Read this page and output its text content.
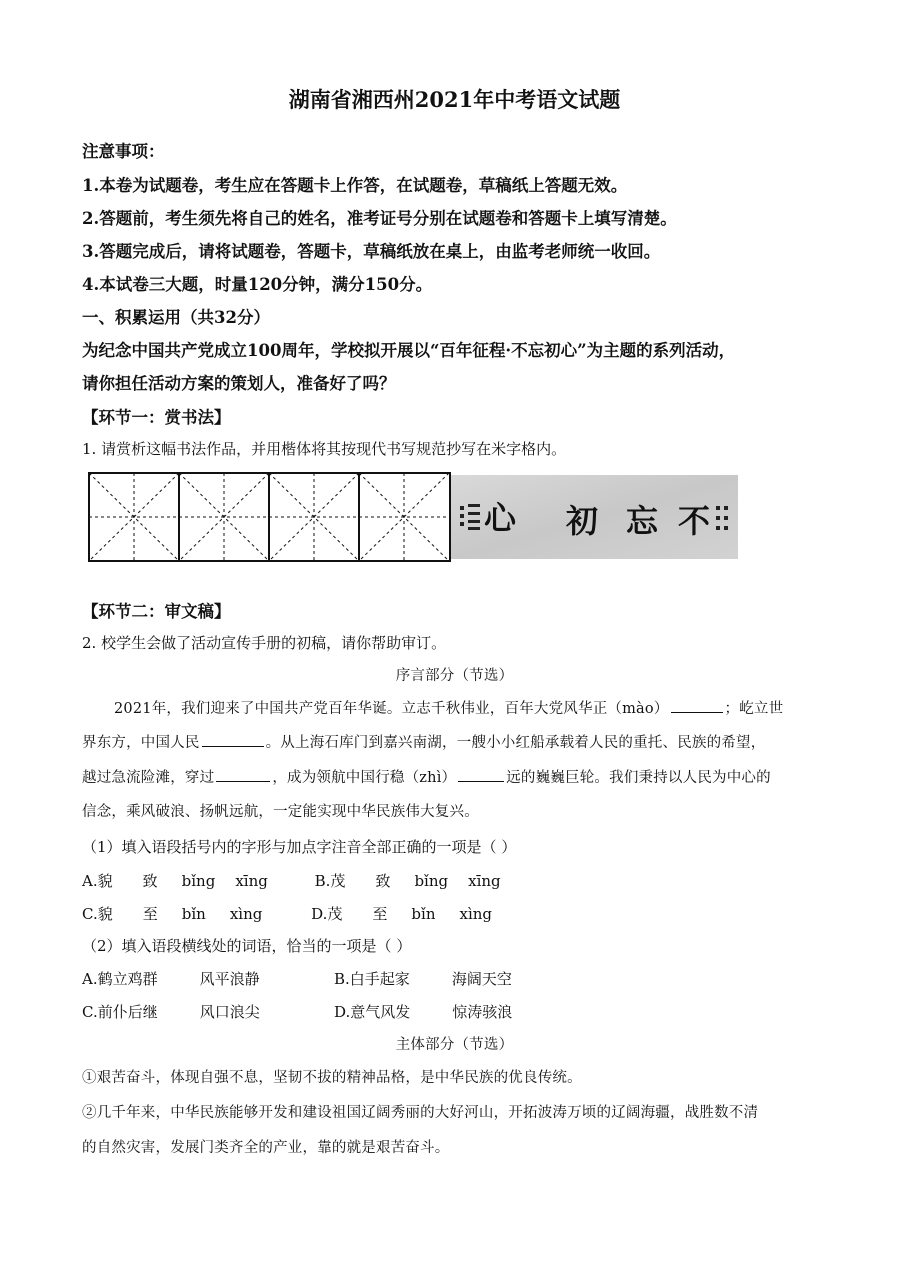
湖南省湘西州2021年中考语文试题
注意事项：
1.本卷为试题卷，考生应在答题卡上作答，在试题卷，草稿纸上答题无效。
2.答题前，考生须先将自己的姓名，准考证号分别在试题卷和答题卡上填写清楚。
3.答题完成后，请将试题卷，答题卡，草稿纸放在桌上，由监考老师统一收回。
4.本试卷三大题，时量120分钟，满分150分。
一、积累运用（共32分）
为纪念中国共产党成立100周年，学校拟开展以“百年征程·不忘初心”为主题的系列活动，
请你担任活动方案的策划人，准备好了吗？
【环节一：赏书法】
1. 请赏析这幅书法作品，并用楷体将其按现代书写规范抄写在米字格内。
心 初 忘 不
【环节二：审文稿】
2. 校学生会做了活动宣传手册的初稿，请你帮助审订。
序言部分（节选）
2021年，我们迎来了中国共产党百年华诞。立志千秋伟业，百年大党风华正（mào）	；屹立世
界东方，中国人民	。从上海石库门到嘉兴南湖，一艘小小红船承载着人民的重托、民族的希望，
越过急流险滩，穿过	，成为领航中国行稳（zhì）	远的巍巍巨轮。我们秉持以人民为中心的
信念，乘风破浪、扬帆远航，一定能实现中华民族伟大复兴。
（1）填入语段括号内的字形与加点字注音全部正确的一项是（ ）
A.貌 致 bǐng xīng	B.茂 致 bǐng xīng
C.貌 至 bǐn xìng	D.茂 至 bǐn xìng
（2）填入语段横线处的词语，恰当的一项是（ ）
A.鹤立鸡群	风平浪静	B.白手起家	海阔天空
C.前仆后继	风口浪尖	D.意气风发	惊涛骇浪
主体部分（节选）
①艰苦奋斗，体现自强不息，坚韧不拔的精神品格，是中华民族的优良传统。
②几千年来，中华民族能够开发和建设祖国辽阔秀丽的大好河山，开拓波涛万顷的辽阔海疆，战胜数不清
的自然灾害，发展门类齐全的产业，靠的就是艰苦奋斗。
